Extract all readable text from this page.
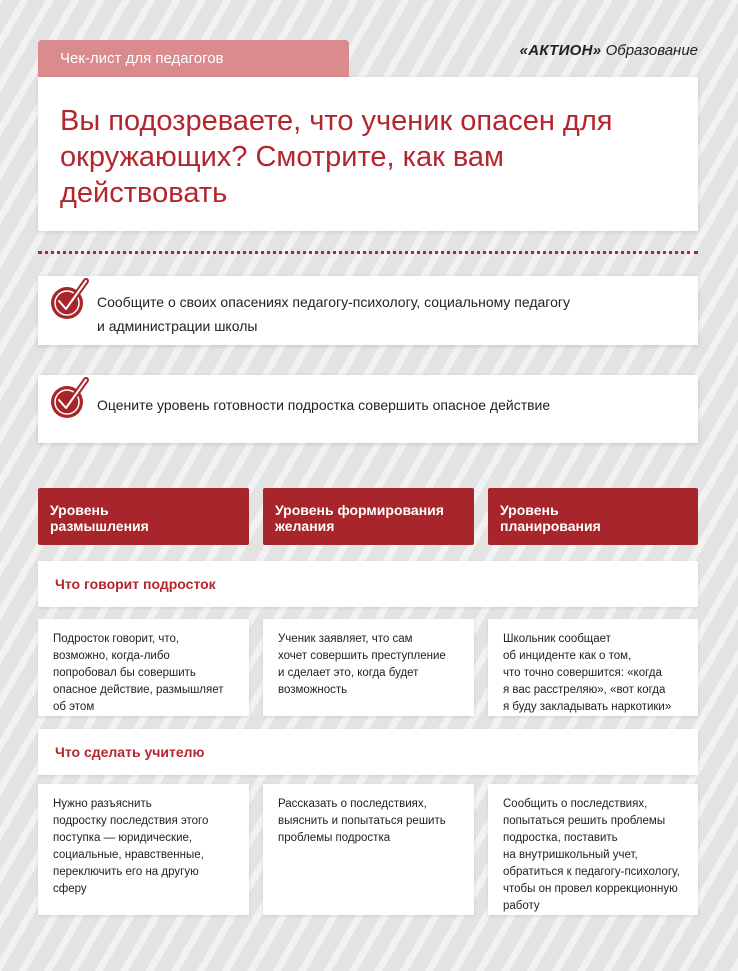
Чек-лист для педагогов	«АКТИОН» Образование
Вы подозреваете, что ученик опасен для окружающих? Смотрите, как вам действовать
Сообщите о своих опасениях педагогу-психологу, социальному педагогу
и администрации школы
Оцените уровень готовности подростка совершить опасное действие
Уровень
размышления
Уровень формирования
желания
Уровень
планирования
Что говорит подросток

Подросток говорит, что,
возможно, когда-либо
попробовал бы совершить
опасное действие, размышляет
об этом

Ученик заявляет, что сам
хочет совершить преступление
и сделает это, когда будет
возможность

Школьник сообщает
об инциденте как о том,
что точно совершится: «когда
я вас расстреляю», «вот когда
я буду закладывать наркотики»

Что сделать учителю

Нужно разъяснить
подростку последствия этого
поступка — юридические,
социальные, нравственные,
переключить его на другую
сферу

Рассказать о последствиях,
выяснить и попытаться решить
проблемы подростка

Сообщить о последствиях,
попытаться решить проблемы
подростка, поставить
на внутришкольный учет,
обратиться к педагогу-психологу,
чтобы он провел коррекционную
работу
